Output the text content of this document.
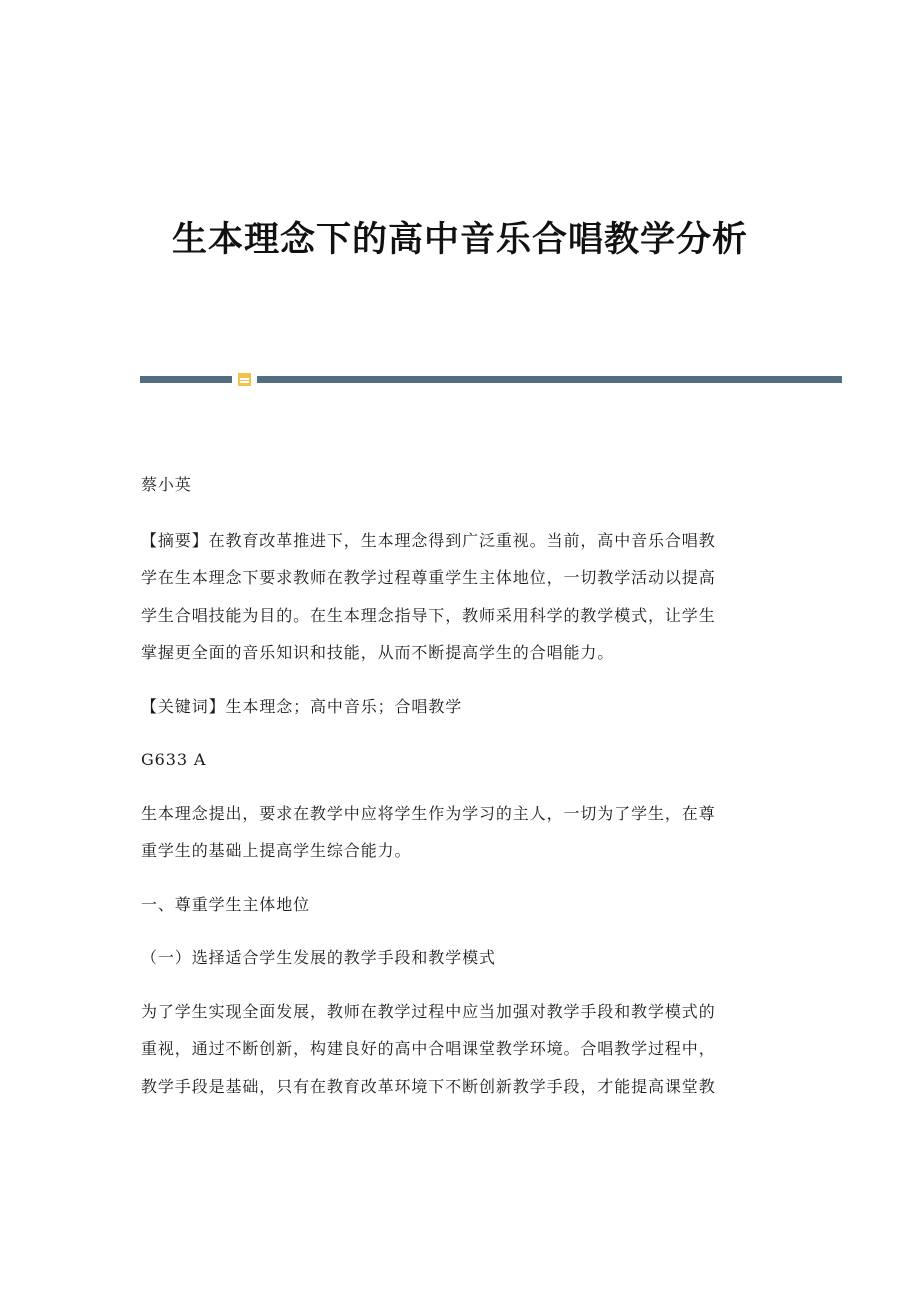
生本理念下的高中音乐合唱教学分析

蔡小英

【摘要】在教育改革推进下，生本理念得到广泛重视。当前，高中音乐合唱教

学在生本理念下要求教师在教学过程尊重学生主体地位，一切教学活动以提高

学生合唱技能为目的。在生本理念指导下，教师采用科学的教学模式，让学生

掌握更全面的音乐知识和技能，从而不断提高学生的合唱能力。

【关键词】生本理念；高中音乐；合唱教学

G633 A

生本理念提出，要求在教学中应将学生作为学习的主人，一切为了学生，在尊

重学生的基础上提高学生综合能力。

一、尊重学生主体地位

（一）选择适合学生发展的教学手段和教学模式

为了学生实现全面发展，教师在教学过程中应当加强对教学手段和教学模式的

重视，通过不断创新，构建良好的高中合唱课堂教学环境。合唱教学过程中，

教学手段是基础，只有在教育改革环境下不断创新教学手段，才能提高课堂教
